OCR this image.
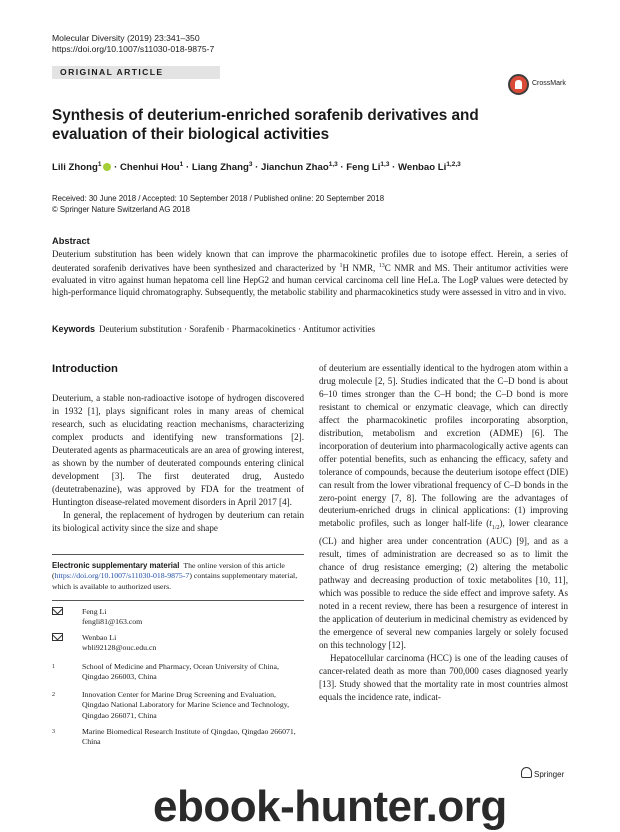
Molecular Diversity (2019) 23:341–350
https://doi.org/10.1007/s11030-018-9875-7
ORIGINAL ARTICLE
CrossMark
Synthesis of deuterium-enriched sorafenib derivatives and evaluation of their biological activities
Lili Zhong$^1$ · Chenhui Hou$^1$ · Liang Zhang$^3$ · Jianchun Zhao$^{1,3}$ · Feng Li$^{1,3}$ · Wenbao Li$^{1,2,3}$
Received: 30 June 2018 / Accepted: 10 September 2018 / Published online: 20 September 2018
© Springer Nature Switzerland AG 2018
Abstract
Deuterium substitution has been widely known that can improve the pharmacokinetic profiles due to isotope effect. Herein, a series of deuterated sorafenib derivatives have been synthesized and characterized by $^1$H NMR, $^{13}$C NMR and MS. Their antitumor activities were evaluated in vitro against human hepatoma cell line HepG2 and human cervical carcinoma cell line HeLa. The LogP values were detected by high-performance liquid chromatography. Subsequently, the metabolic stability and pharmacokinetics study were assessed in vitro and in vivo.
Keywords Deuterium substitution · Sorafenib · Pharmacokinetics · Antitumor activities
Introduction

Deuterium, a stable non-radioactive isotope of hydrogen discovered in 1932 [1], plays significant roles in many areas of chemical research, such as elucidating reaction mechanisms, characterizing complex products and identifying new transformations [2]. Deuterated agents as pharmaceuticals are an area of growing interest, as shown by the number of deuterated compounds entering clinical development [3]. The first deuterated drug, Austedo (deutetrabenazine), was approved by FDA for the treatment of Huntington disease-related movement disorders in April 2017 [4].

In general, the replacement of hydrogen by deuterium can retain its biological activity since the size and shape

of deuterium are essentially identical to the hydrogen atom within a drug molecule [2, 5]. Studies indicated that the C–D bond is about 6–10 times stronger than the C–H bond; the C–D bond is more resistant to chemical or enzymatic cleavage, which can directly affect the pharmacokinetic profiles incorporating absorption, distribution, metabolism and excretion (ADME) [6]. The incorporation of deuterium into pharmacologically active agents can offer potential benefits, such as enhancing the efficacy, safety and tolerance of compounds, because the deuterium isotope effect (DIE) can result from the lower vibrational frequency of C–D bonds in the zero-point energy [7, 8]. The following are the advantages of deuterium-enriched drugs in clinical applications: (1) improving metabolic profiles, such as longer half-life $(t_{1/2})$, lower clearance (CL) and higher area under concentration (AUC) [9], and as a result, times of administration are decreased so as to limit the chance of drug resistance emerging; (2) altering the metabolic pathway and decreasing production of toxic metabolites [10, 11], which was possible to reduce the side effect and improve safety. As noted in a recent review, there has been a resurgence of interest in the application of deuterium in medicinal chemistry as evidenced by the emergence of several new companies largely or solely focused on this technology [12].

Hepatocellular carcinoma (HCC) is one of the leading causes of cancer-related death as more than 700,000 cases diagnosed yearly [13]. Study showed that the mortality rate in most countries almost equals the incidence rate, indicat-

Electronic supplementary material The online version of this article (https://doi.org/10.1007/s11030-018-9875-7) contains supplementary material, which is available to authorized users.
Feng Li
fengli81@163.com
Wenbao Li
wbli9212​8@ouc.edu.cn
1	School of Medicine and Pharmacy, Ocean University of China, Qingdao 266003, China
2	Innovation Center for Marine Drug Screening and Evaluation, Qingdao National Laboratory for Marine Science and Technology, Qingdao 266071, China
3	Marine Biomedical Research Institute of Qingdao, Qingdao 266071, China
Springer
ebook-hunter.org
